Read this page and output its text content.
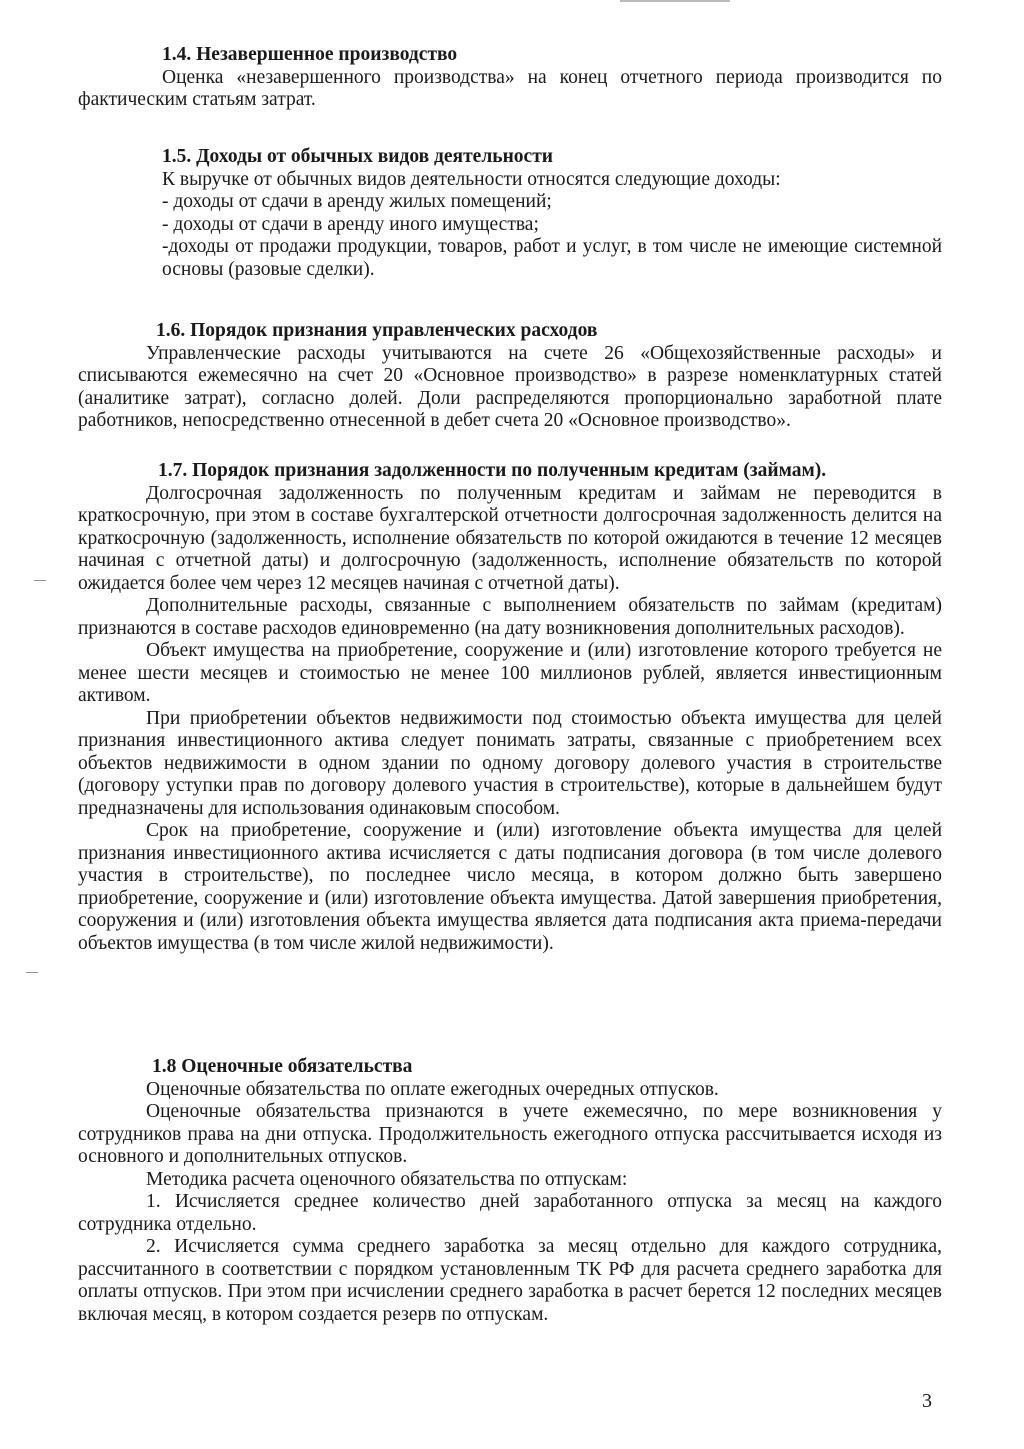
1.4. Незавершенное производство

Оценка «незавершенного производства» на конец отчетного периода производится по фактическим статьям затрат.

1.5. Доходы от обычных видов деятельности

К выручке от обычных видов деятельности относятся следующие доходы:

- доходы от сдачи в аренду жилых помещений;

- доходы от сдачи в аренду иного имущества;

-доходы от продажи продукции, товаров, работ и услуг, в том числе не имеющие системной основы (разовые сделки).

1.6. Порядок признания управленческих расходов

Управленческие расходы учитываются на счете 26 «Общехозяйственные расходы» и списываются ежемесячно на счет 20 «Основное производство» в разрезе номенклатурных статей (аналитике затрат), согласно долей. Доли распределяются пропорционально заработной плате работников, непосредственно отнесенной в дебет счета 20 «Основное производство».

1.7. Порядок признания задолженности по полученным кредитам (займам).

Долгосрочная задолженность по полученным кредитам и займам не переводится в краткосрочную, при этом в составе бухгалтерской отчетности долгосрочная задолженность делится на краткосрочную (задолженность, исполнение обязательств по которой ожидаются в течение 12 месяцев начиная с отчетной даты) и долгосрочную (задолженность, исполнение обязательств по которой ожидается более чем через 12 месяцев начиная с отчетной даты).

Дополнительные расходы, связанные с выполнением обязательств по займам (кредитам) признаются в составе расходов единовременно (на дату возникновения дополнительных расходов).

Объект имущества на приобретение, сооружение и (или) изготовление которого требуется не менее шести месяцев и стоимостью не менее 100 миллионов рублей, является инвестиционным активом.

При приобретении объектов недвижимости под стоимостью объекта имущества для целей признания инвестиционного актива следует понимать затраты, связанные с приобретением всех объектов недвижимости в одном здании по одному договору долевого участия в строительстве (договору уступки прав по договору долевого участия в строительстве), которые в дальнейшем будут предназначены для использования одинаковым способом.

Срок на приобретение, сооружение и (или) изготовление объекта имущества для целей признания инвестиционного актива исчисляется с даты подписания договора (в том числе долевого участия в строительстве), по последнее число месяца, в котором должно быть завершено приобретение, сооружение и (или) изготовление объекта имущества. Датой завершения приобретения, сооружения и (или) изготовления объекта имущества является дата подписания акта приема-передачи объектов имущества (в том числе жилой недвижимости).

1.8 Оценочные обязательства

Оценочные обязательства по оплате ежегодных очередных отпусков.

Оценочные обязательства признаются в учете ежемесячно, по мере возникновения у сотрудников права на дни отпуска. Продолжительность ежегодного отпуска рассчитывается исходя из основного и дополнительных отпусков.

Методика расчета оценочного обязательства по отпускам:

1. Исчисляется среднее количество дней заработанного отпуска за месяц на каждого сотрудника отдельно.

2. Исчисляется сумма среднего заработка за месяц отдельно для каждого сотрудника, рассчитанного в соответствии с порядком установленным ТК РФ для расчета среднего заработка для оплаты отпусков. При этом при исчислении среднего заработка в расчет берется 12 последних месяцев включая месяц, в котором создается резерв по отпускам.

3
